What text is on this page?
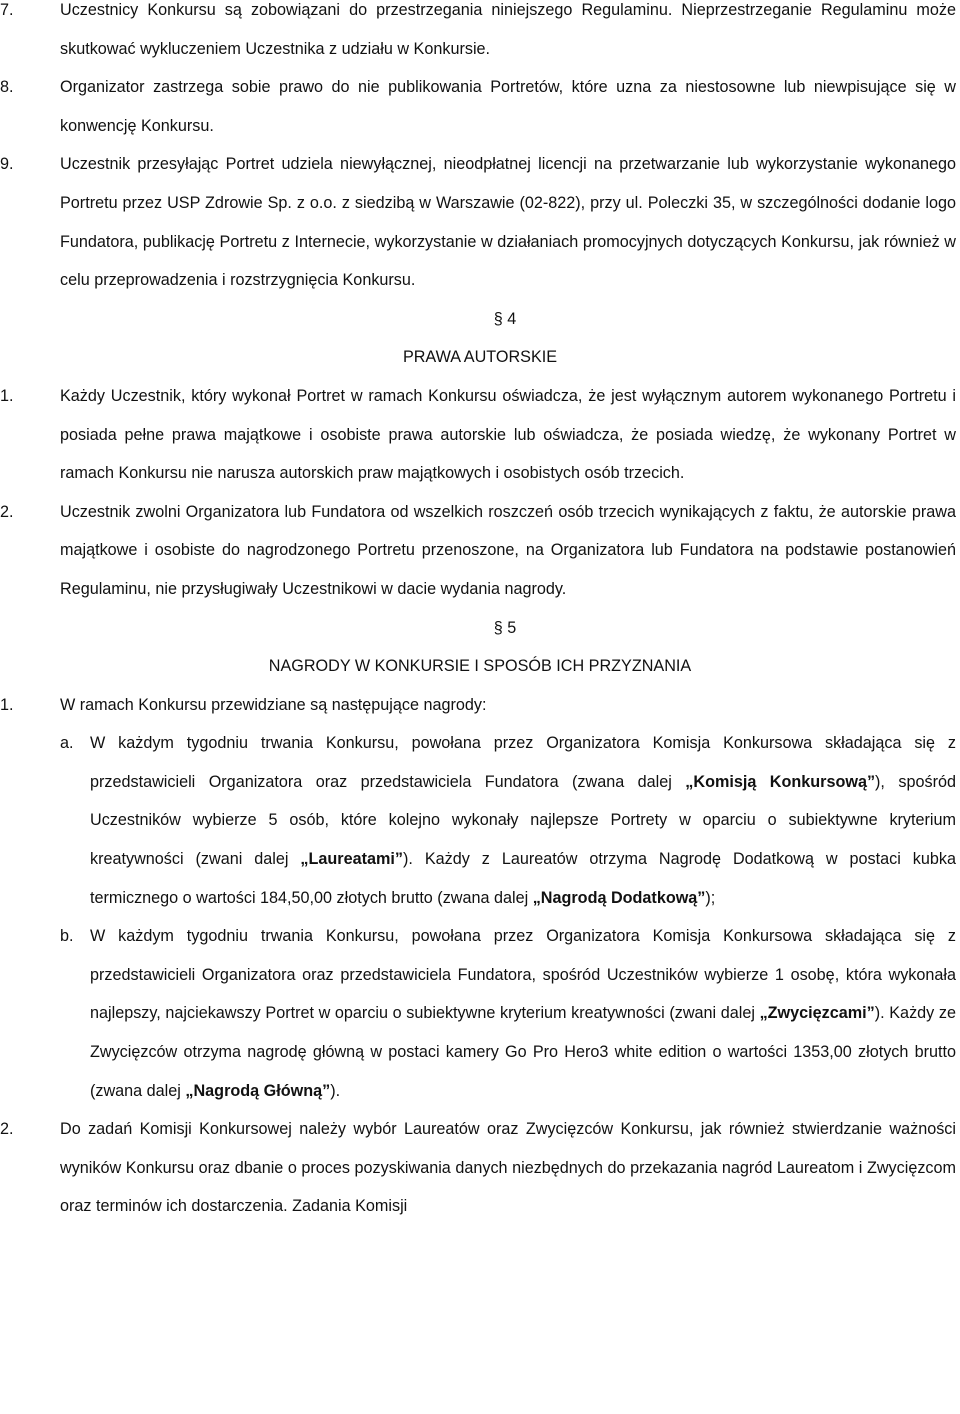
7.	Uczestnicy Konkursu są zobowiązani do przestrzegania niniejszego Regulaminu. Nieprzestrzeganie Regulaminu może skutkować wykluczeniem Uczestnika z udziału w Konkursie.
8.	Organizator zastrzega sobie prawo do nie publikowania Portretów, które uzna za niestosowne lub niewpisujące się w konwencję Konkursu.
9.	Uczestnik przesyłając Portret udziela niewyłącznej, nieodpłatnej licencji na przetwarzanie lub wykorzystanie wykonanego Portretu przez USP Zdrowie Sp. z o.o. z siedzibą w Warszawie (02-822), przy ul. Poleczki 35, w szczególności dodanie logo Fundatora, publikację Portretu z Internecie, wykorzystanie w działaniach promocyjnych dotyczących Konkursu, jak również w celu przeprowadzenia i rozstrzygnięcia Konkursu.
§ 4
PRAWA AUTORSKIE
1.	Każdy Uczestnik, który wykonał Portret w ramach Konkursu oświadcza, że jest wyłącznym autorem wykonanego Portretu i posiada pełne prawa majątkowe i osobiste prawa autorskie lub oświadcza, że posiada wiedzę, że wykonany Portret w ramach Konkursu nie narusza autorskich praw majątkowych i osobistych osób trzecich.
2.	Uczestnik zwolni Organizatora lub Fundatora od wszelkich roszczeń osób trzecich wynikających z faktu, że autorskie prawa majątkowe i osobiste do nagrodzonego Portretu przenoszone, na Organizatora lub Fundatora na podstawie postanowień Regulaminu, nie przysługiwały Uczestnikowi w dacie wydania nagrody.
§ 5
NAGRODY W KONKURSIE I SPOSÓB ICH PRZYZNANIA
1.	W ramach Konkursu przewidziane są następujące nagrody:
a. W każdym tygodniu trwania Konkursu, powołana przez Organizatora Komisja Konkursowa składająca się z przedstawicieli Organizatora oraz przedstawiciela Fundatora (zwana dalej „Komisją Konkursową”), spośród Uczestników wybierze 5 osób, które kolejno wykonały najlepsze Portrety w oparciu o subiektywne kryterium kreatywności (zwani dalej „Laureatami”). Każdy z Laureatów otrzyma Nagrodę Dodatkową w postaci kubka termicznego o wartości 184,50,00 złotych brutto (zwana dalej „Nagrodą Dodatkową”);
b. W każdym tygodniu trwania Konkursu, powołana przez Organizatora Komisja Konkursowa składająca się z przedstawicieli Organizatora oraz przedstawiciela Fundatora, spośród Uczestników wybierze 1 osobę, która wykonała najlepszy, najciekawszy Portret w oparciu o subiektywne kryterium kreatywności (zwani dalej „Zwycięzcami”). Każdy ze Zwycięzców otrzyma nagrodę główną w postaci kamery Go Pro Hero3 white edition o wartości 1353,00 złotych brutto (zwana dalej „Nagrodą Główną”).
2.	Do zadań Komisji Konkursowej należy wybór Laureatów oraz Zwycięzców Konkursu, jak również stwierdzanie ważności wyników Konkursu oraz dbanie o proces pozyskiwania danych niezbędnych do przekazania nagród Laureatom i Zwycięzcom oraz terminów ich dostarczenia. Zadania Komisji
